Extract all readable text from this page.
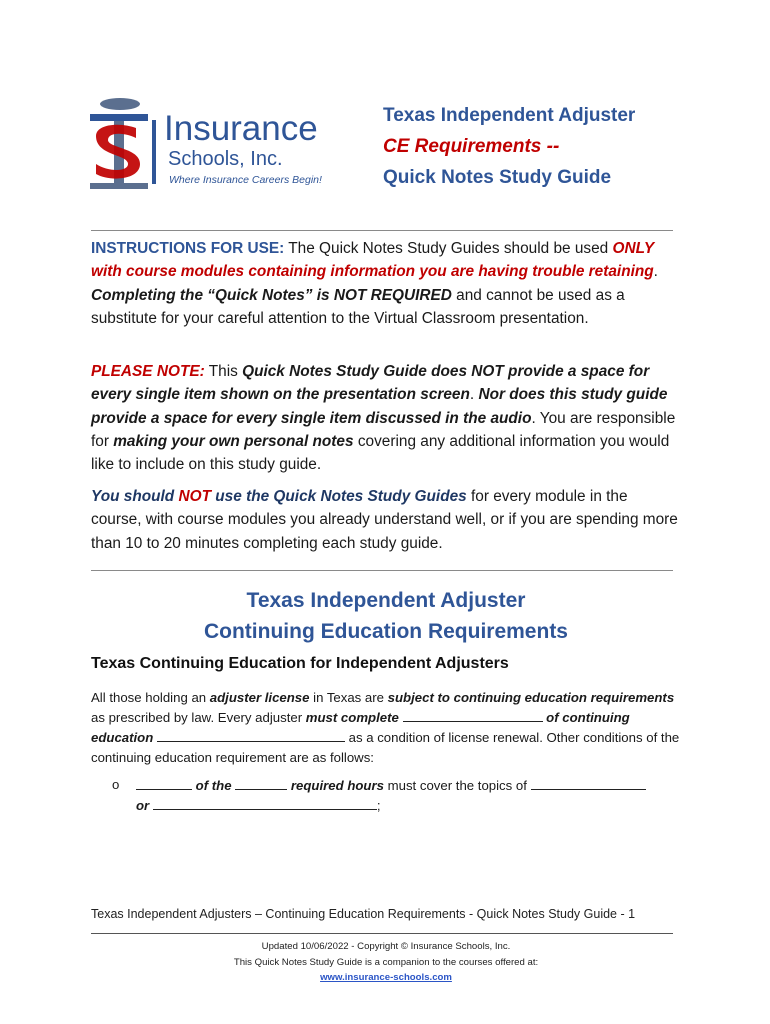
Insurance
Schools, Inc.
Where Insurance Careers Begin!
Texas Independent Adjuster
CE Requirements --
Quick Notes Study Guide
INSTRUCTIONS FOR USE: The Quick Notes Study Guides should be used ONLY with course modules containing information you are having trouble retaining. Completing the “Quick Notes” is NOT REQUIRED and cannot be used as a substitute for your careful attention to the Virtual Classroom presentation.
PLEASE NOTE: This Quick Notes Study Guide does NOT provide a space for every single item shown on the presentation screen. Nor does this study guide provide a space for every single item discussed in the audio. You are responsible for making your own personal notes covering any additional information you would like to include on this study guide.
You should NOT use the Quick Notes Study Guides for every module in the course, with course modules you already understand well, or if you are spending more than 10 to 20 minutes completing each study guide.
Texas Independent Adjuster
Continuing Education Requirements
Texas Continuing Education for Independent Adjusters
All those holding an adjuster license in Texas are subject to continuing education requirements as prescribed by law. Every adjuster must complete	of continuing education	as a condition of license renewal. Other conditions of the continuing education requirement are as follows:
o	of the	required hours must cover the topics of
or	;
Texas Independent Adjusters – Continuing Education Requirements - Quick Notes Study Guide - 1
Updated 10/06/2022 - Copyright © Insurance Schools, Inc.
This Quick Notes Study Guide is a companion to the courses offered at:
www.insurance-schools.com
